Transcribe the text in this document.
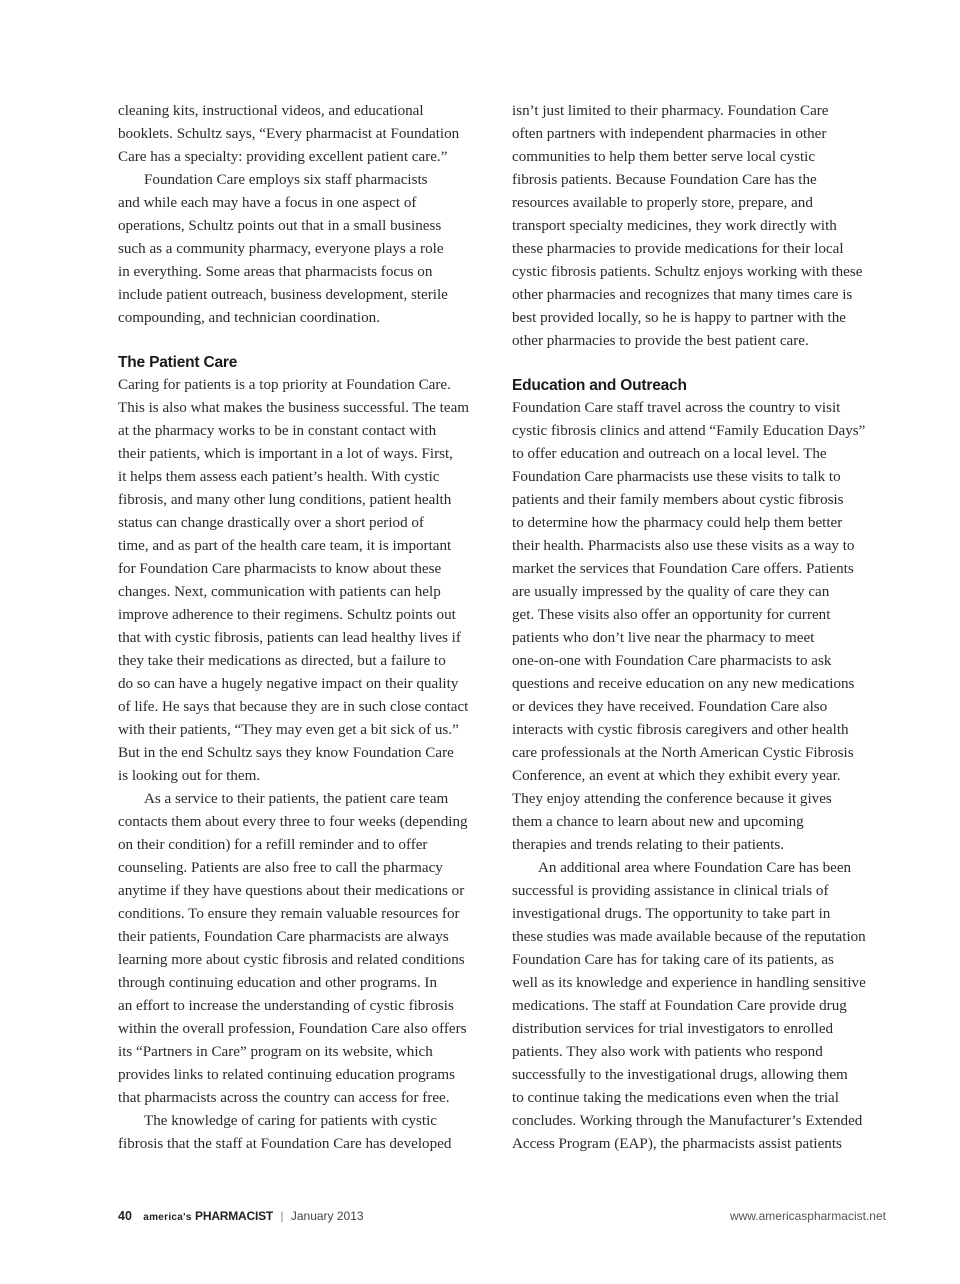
cleaning kits, instructional videos, and educational
booklets. Schultz says, “Every pharmacist at Foundation
Care has a specialty: providing excellent patient care.”
Foundation Care employs six staff pharmacists
and while each may have a focus in one aspect of
operations, Schultz points out that in a small business
such as a community pharmacy, everyone plays a role
in everything. Some areas that pharmacists focus on
include patient outreach, business development, sterile
compounding, and technician coordination.
The Patient Care
Caring for patients is a top priority at Foundation Care.
This is also what makes the business successful. The team
at the pharmacy works to be in constant contact with
their patients, which is important in a lot of ways. First,
it helps them assess each patient’s health. With cystic
fibrosis, and many other lung conditions, patient health
status can change drastically over a short period of
time, and as part of the health care team, it is important
for Foundation Care pharmacists to know about these
changes. Next, communication with patients can help
improve adherence to their regimens. Schultz points out
that with cystic fibrosis, patients can lead healthy lives if
they take their medications as directed, but a failure to
do so can have a hugely negative impact on their quality
of life. He says that because they are in such close contact
with their patients, “They may even get a bit sick of us.”
But in the end Schultz says they know Foundation Care
is looking out for them.
As a service to their patients, the patient care team
contacts them about every three to four weeks (depending
on their condition) for a refill reminder and to offer
counseling. Patients are also free to call the pharmacy
anytime if they have questions about their medications or
conditions. To ensure they remain valuable resources for
their patients, Foundation Care pharmacists are always
learning more about cystic fibrosis and related conditions
through continuing education and other programs. In
an effort to increase the understanding of cystic fibrosis
within the overall profession, Foundation Care also offers
its “Partners in Care” program on its website, which
provides links to related continuing education programs
that pharmacists across the country can access for free.
The knowledge of caring for patients with cystic
fibrosis that the staff at Foundation Care has developed
isn’t just limited to their pharmacy. Foundation Care
often partners with independent pharmacies in other
communities to help them better serve local cystic
fibrosis patients. Because Foundation Care has the
resources available to properly store, prepare, and
transport specialty medicines, they work directly with
these pharmacies to provide medications for their local
cystic fibrosis patients. Schultz enjoys working with these
other pharmacies and recognizes that many times care is
best provided locally, so he is happy to partner with the
other pharmacies to provide the best patient care.
Education and Outreach
Foundation Care staff travel across the country to visit
cystic fibrosis clinics and attend “Family Education Days”
to offer education and outreach on a local level. The
Foundation Care pharmacists use these visits to talk to
patients and their family members about cystic fibrosis
to determine how the pharmacy could help them better
their health. Pharmacists also use these visits as a way to
market the services that Foundation Care offers. Patients
are usually impressed by the quality of care they can
get. These visits also offer an opportunity for current
patients who don’t live near the pharmacy to meet
one-on-one with Foundation Care pharmacists to ask
questions and receive education on any new medications
or devices they have received. Foundation Care also
interacts with cystic fibrosis caregivers and other health
care professionals at the North American Cystic Fibrosis
Conference, an event at which they exhibit every year.
They enjoy attending the conference because it gives
them a chance to learn about new and upcoming
therapies and trends relating to their patients.
An additional area where Foundation Care has been
successful is providing assistance in clinical trials of
investigational drugs. The opportunity to take part in
these studies was made available because of the reputation
Foundation Care has for taking care of its patients, as
well as its knowledge and experience in handling sensitive
medications. The staff at Foundation Care provide drug
distribution services for trial investigators to enrolled
patients. They also work with patients who respond
successfully to the investigational drugs, allowing them
to continue taking the medications even when the trial
concludes. Working through the Manufacturer’s Extended
Access Program (EAP), the pharmacists assist patients
40 america's PHARMACIST | January 2013	www.americaspharmacist.net
